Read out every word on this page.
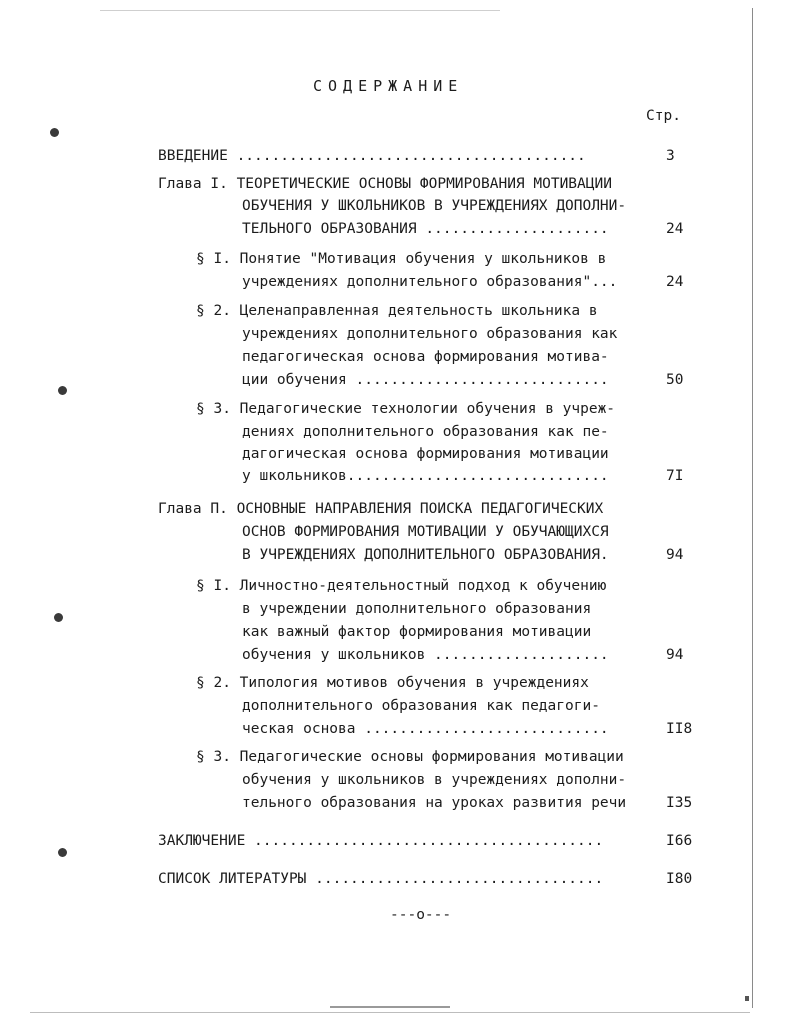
СОДЕРЖАНИЕ
Стр.
ВВЕДЕНИЕ ........................................	3
Глава I. ТЕОРЕТИЧЕСКИЕ ОСНОВЫ ФОРМИРОВАНИЯ МОТИВАЦИИ
ОБУЧЕНИЯ У ШКОЛЬНИКОВ В УЧРЕЖДЕНИЯХ ДОПОЛНИ-
ТЕЛЬНОГО ОБРАЗОВАНИЯ .....................	24
§ I. Понятие "Мотивация обучения у школьников в
учреждениях дополнительного образования"...	24
§ 2. Целенаправленная деятельность школьника в
учреждениях дополнительного образования как
педагогическая основа формирования мотива-
ции обучения .............................	50
§ 3. Педагогические технологии обучения в учреж-
дениях дополнительного образования как пе-
дагогическая основа формирования мотивации
у школьников..............................	7I
Глава П. ОСНОВНЫЕ НАПРАВЛЕНИЯ ПОИСКА ПЕДАГОГИЧЕСКИХ
ОСНОВ ФОРМИРОВАНИЯ МОТИВАЦИИ У ОБУЧАЮЩИХСЯ
В УЧРЕЖДЕНИЯХ ДОПОЛНИТЕЛЬНОГО ОБРАЗОВАНИЯ.	94
§ I. Личностно-деятельностный подход к обучению
в учреждении дополнительного образования
как важный фактор формирования мотивации
обучения у школьников ....................	94
§ 2. Типология мотивов обучения в учреждениях
дополнительного образования как педагоги-
ческая основа ............................	II8
§ 3. Педагогические основы формирования мотивации
обучения у школьников в учреждениях дополни-
тельного образования на уроках развития речи	I35
ЗАКЛЮЧЕНИЕ ........................................	I66
СПИСОК ЛИТЕРАТУРЫ .................................	I80
---o---
